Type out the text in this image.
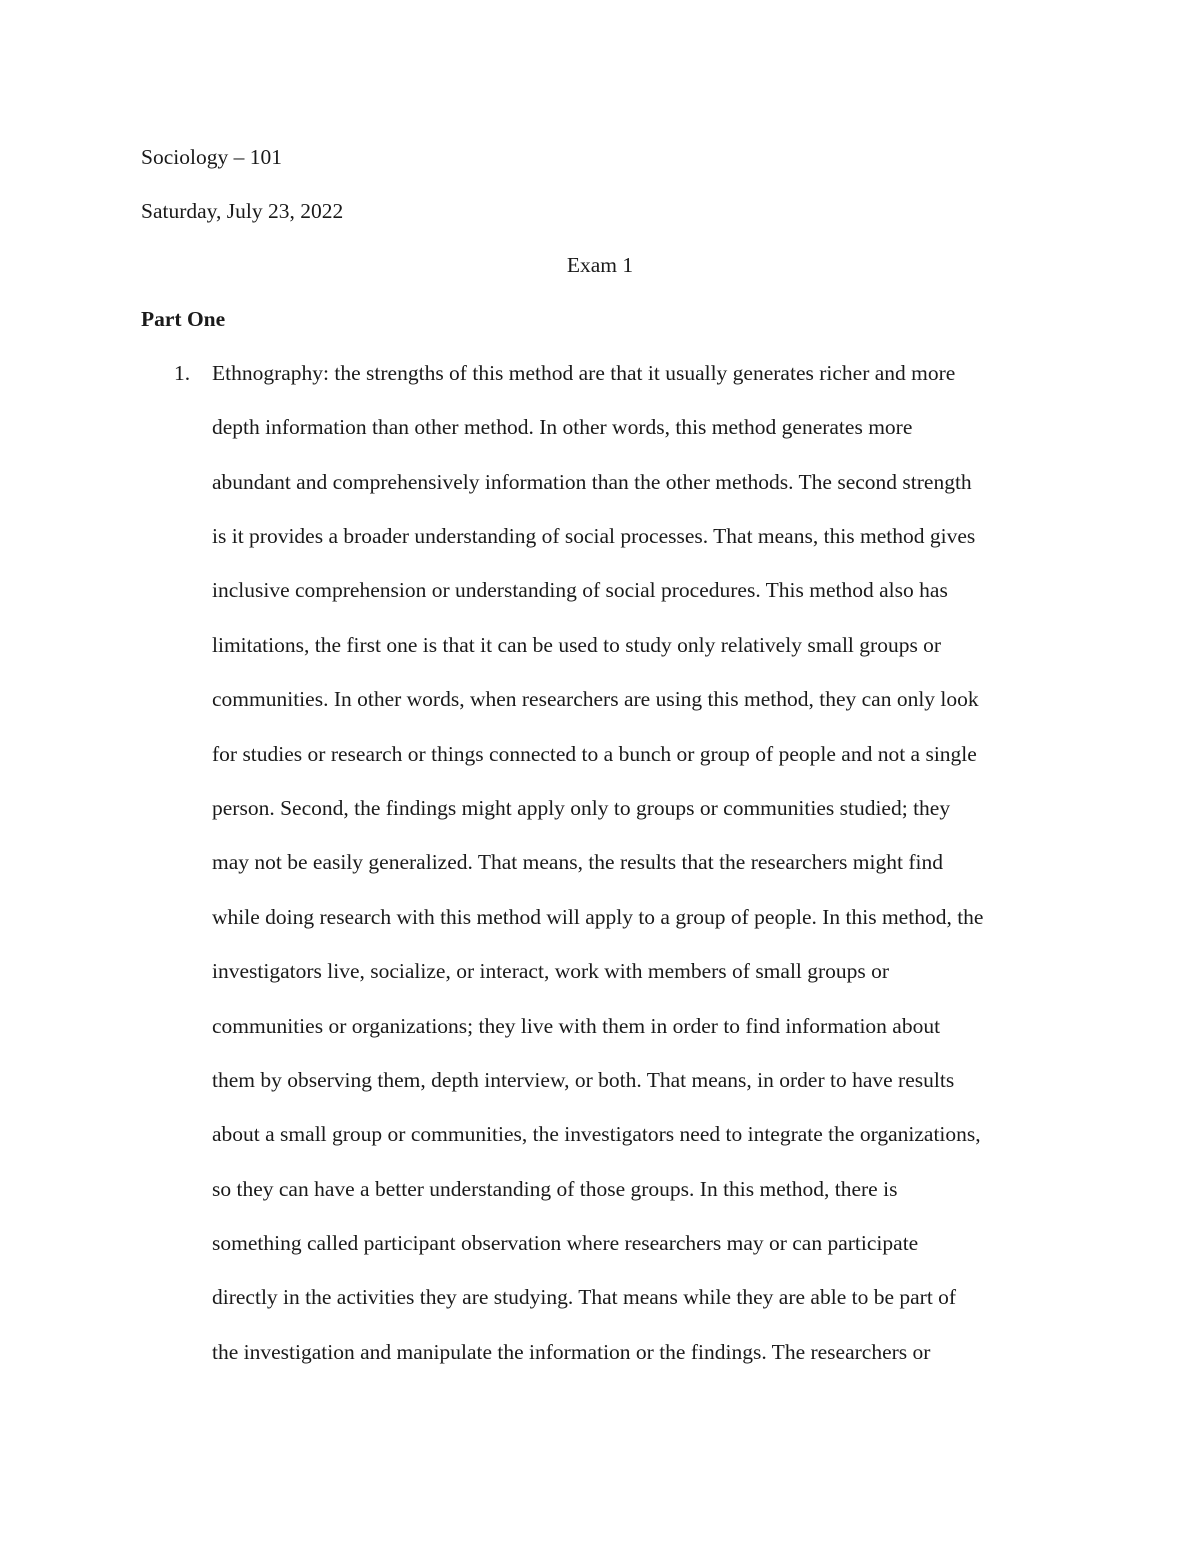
Sociology – 101
Saturday, July 23, 2022
Exam 1
Part One
1. Ethnography: the strengths of this method are that it usually generates richer and more
depth information than other method. In other words, this method generates more
abundant and comprehensively information than the other methods. The second strength
is it provides a broader understanding of social processes. That means, this method gives
inclusive comprehension or understanding of social procedures. This method also has
limitations, the first one is that it can be used to study only relatively small groups or
communities. In other words, when researchers are using this method, they can only look
for studies or research or things connected to a bunch or group of people and not a single
person. Second, the findings might apply only to groups or communities studied; they
may not be easily generalized. That means, the results that the researchers might find
while doing research with this method will apply to a group of people. In this method, the
investigators live, socialize, or interact, work with members of small groups or
communities or organizations; they live with them in order to find information about
them by observing them, depth interview, or both. That means, in order to have results
about a small group or communities, the investigators need to integrate the organizations,
so they can have a better understanding of those groups. In this method, there is
something called participant observation where researchers may or can participate
directly in the activities they are studying. That means while they are able to be part of
the investigation and manipulate the information or the findings. The researchers or
